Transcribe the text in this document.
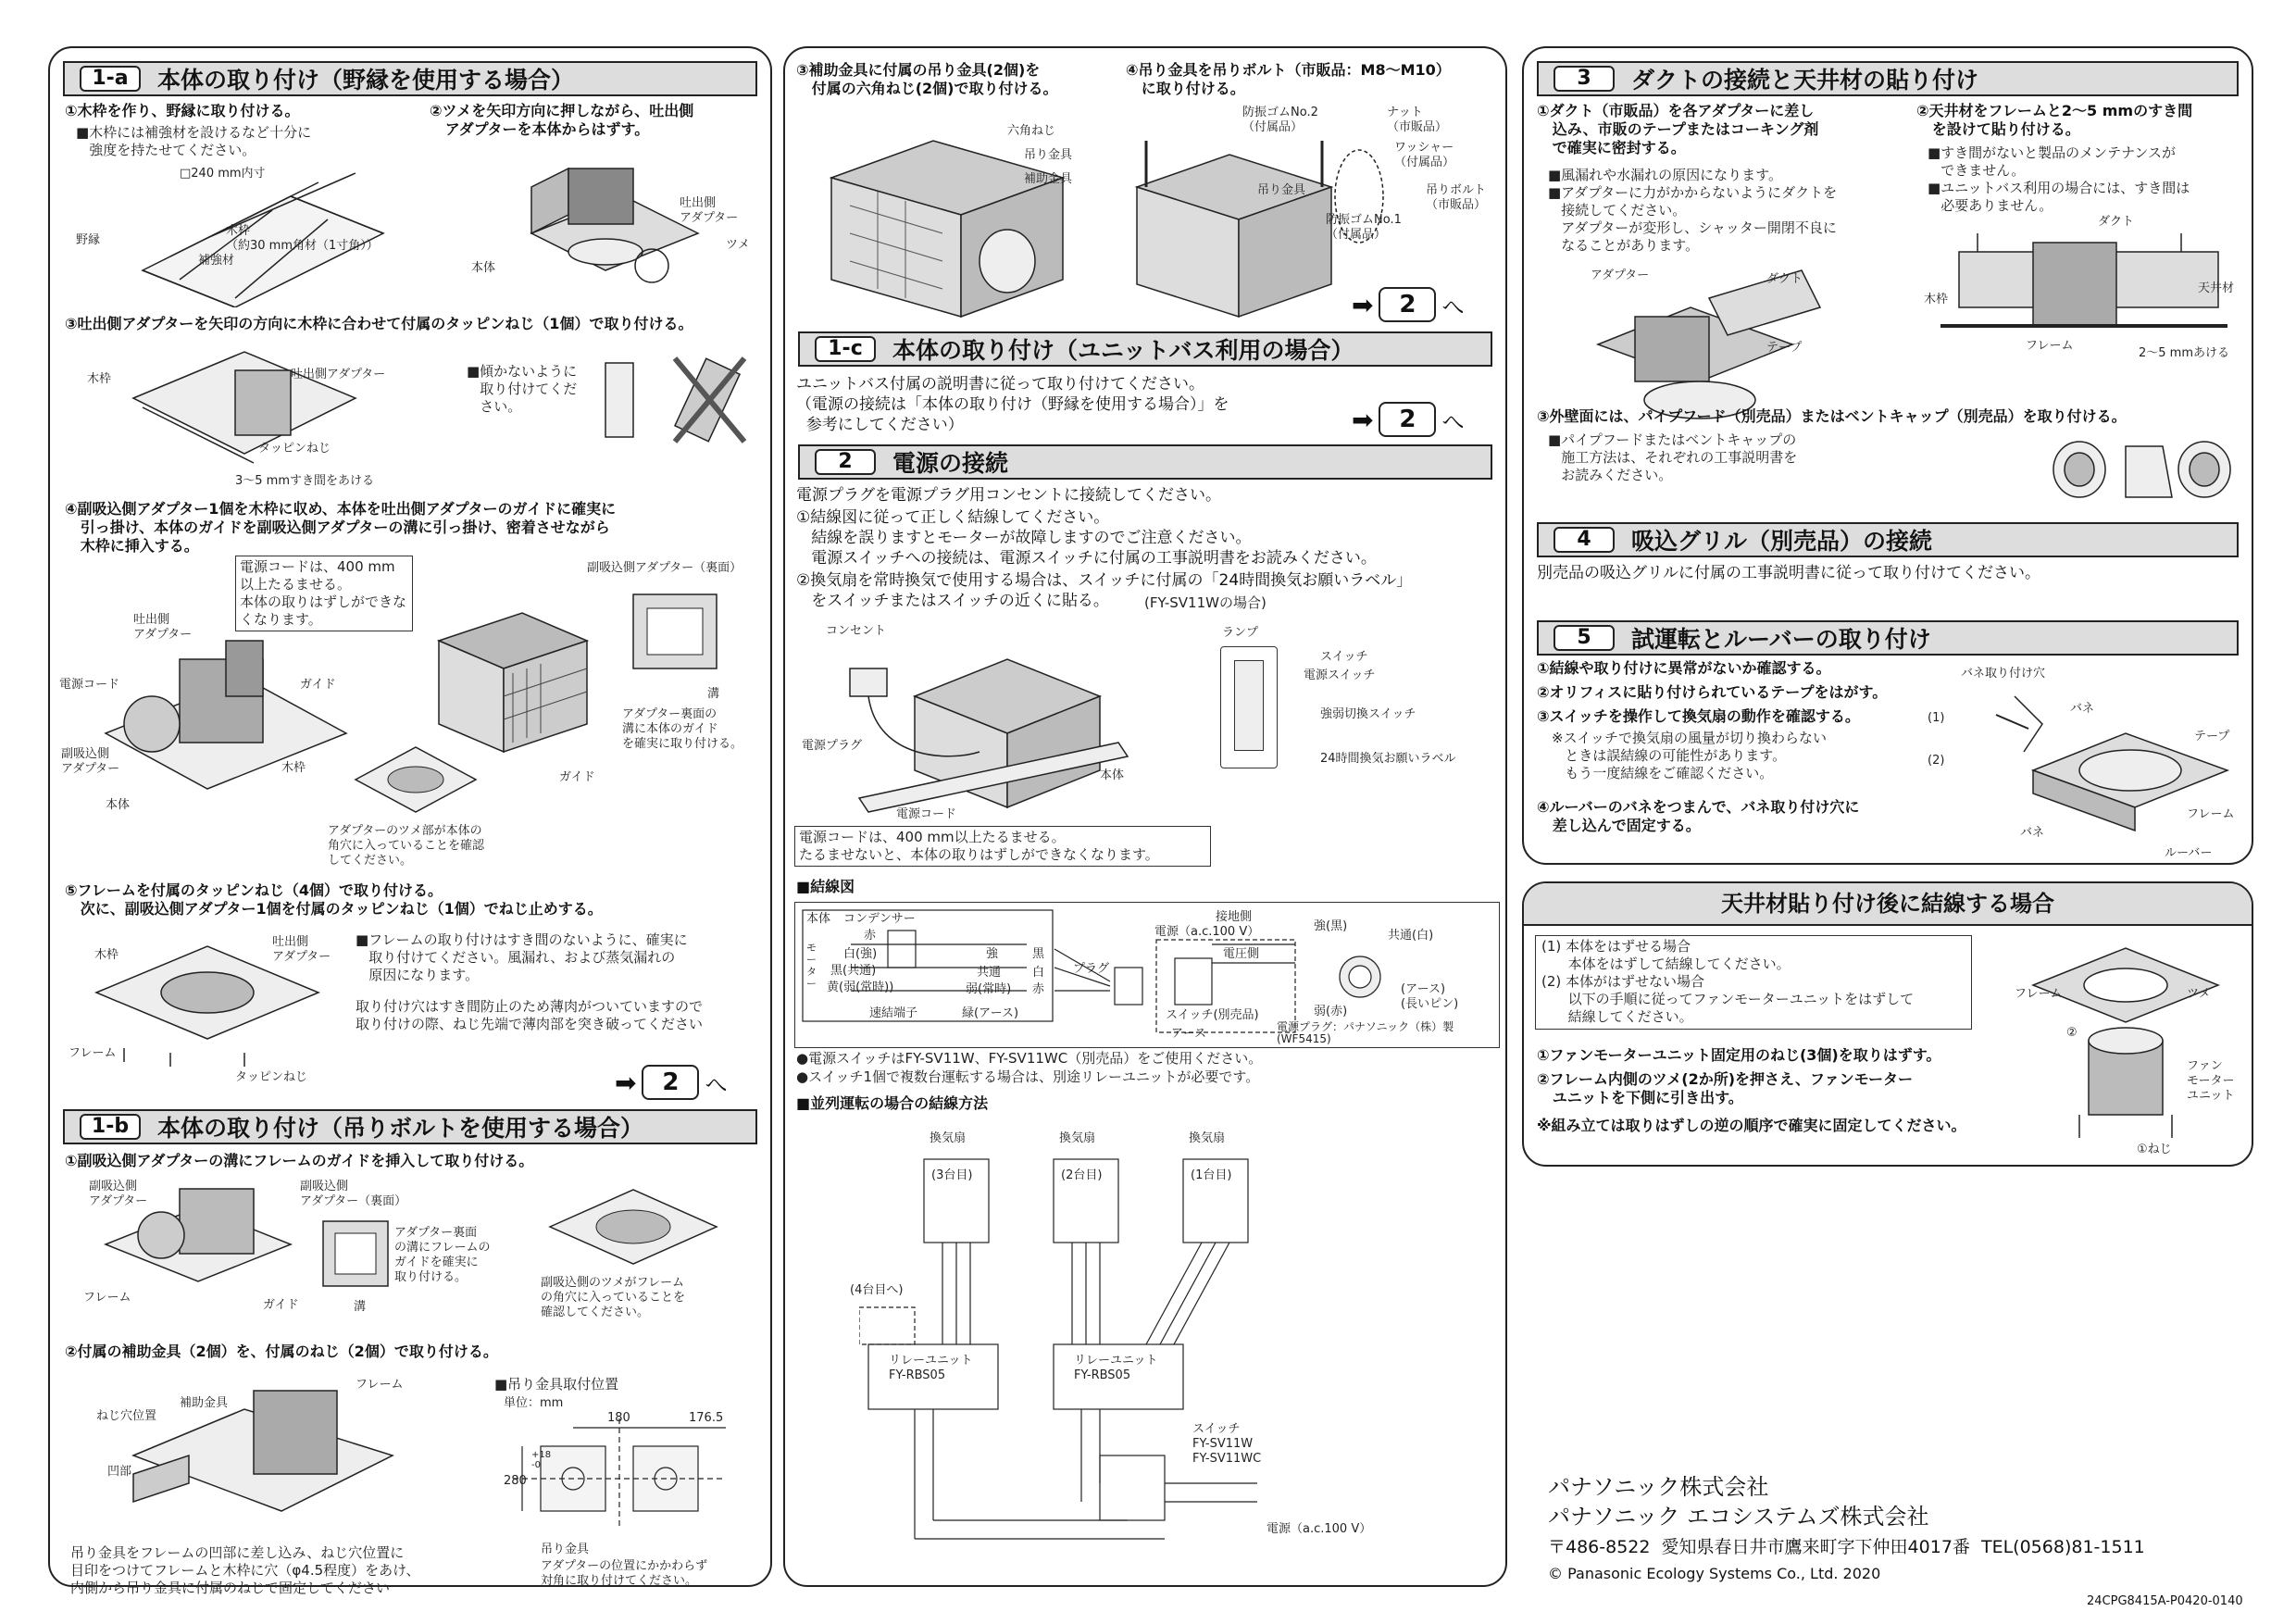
1-a	本体の取り付け（野縁を使用する場合）
①木枠を作り、野縁に取り付ける。
■木枠には補強材を設けるなど十分に
強度を持たせてください。
②ツメを矢印方向に押しながら、吐出側
アダプターを本体からはずす。
□240 mm内寸
木枠
（約30 mm角材（1寸角））
野縁
補強材
吐出側
アダプター
ツメ
本体
③吐出側アダプターを矢印の方向に木枠に合わせて付属のタッピンねじ（1個）で取り付ける。
木枠	吐出側アダプター
タッピンねじ
3～5 mmすき間をあける
■傾かないように
取り付けてくだ
さい。
④副吸込側アダプター1個を木枠に収め、本体を吐出側アダプターのガイドに確実に
引っ掛け、本体のガイドを副吸込側アダプターの溝に引っ掛け、密着させながら
木枠に挿入する。
電源コードは、400 mm
以上たるませる。
本体の取りはずしができな
くなります。
吐出側
アダプター
電源コード	ガイド
副吸込側
アダプター	木枠
本体
副吸込側アダプター（裏面）
溝
アダプター裏面の
溝に本体のガイド
を確実に取り付ける。
ガイド
アダプターのツメ部が本体の
角穴に入っていることを確認
してください。
⑤フレームを付属のタッピンねじ（4個）で取り付ける。
次に、副吸込側アダプター1個を付属のタッピンねじ（1個）でねじ止めする。
■フレームの取り付けはすき間のないように、確実に
取り付けてください。風漏れ、および蒸気漏れの
原因になります。
取り付け穴はすき間防止のため薄肉がついていますので
取り付けの際、ねじ先端で薄肉部を突き破ってください
木枠
吐出側
アダプター
フレーム
タッピンねじ	➡	2	へ
1-b	本体の取り付け（吊りボルトを使用する場合）
①副吸込側アダプターの溝にフレームのガイドを挿入して取り付ける。
副吸込側
アダプター
副吸込側
アダプター（裏面）
フレーム
ガイド	溝
アダプター裏面
の溝にフレームの
ガイドを確実に
取り付ける。	副吸込側のツメがフレーム
の角穴に入っていることを
確認してください。
②付属の補助金具（2個）を、付属のねじ（2個）で取り付ける。
補助金具
フレーム
ねじ穴位置
凹部
■吊り金具取付位置
単位：mm
180	176.5
280
+18
-0
吊り金具
アダプターの位置にかかわらず
対角に取り付けてください。
吊り金具をフレームの凹部に差し込み、ねじ穴位置に
目印をつけてフレームと木枠に穴（φ4.5程度）をあけ、
内側から吊り金具に付属のねじで固定してください
③補助金具に付属の吊り金具(2個)を
付属の六角ねじ(2個)で取り付ける。
六角ねじ
吊り金具
補助金具
④吊り金具を吊りボルト（市販品：M8～M10）
に取り付ける。
防振ゴムNo.2
（付属品）
ナット
（市販品）
ワッシャー
（付属品）
吊り金具	吊りボルト
（市販品）
防振ゴムNo.1
（付属品）
➡	2	へ
1-c	本体の取り付け（ユニットバス利用の場合）
ユニットバス付属の説明書に従って取り付けてください。
（電源の接続は「本体の取り付け（野縁を使用する場合）」を
参考にしてください）	➡	2	へ
2	電源の接続
電源プラグを電源プラグ用コンセントに接続してください。
①結線図に従って正しく結線してください。
結線を誤りますとモーターが故障しますのでご注意ください。
電源スイッチへの接続は、電源スイッチに付属の工事説明書をお読みください。
②換気扇を常時換気で使用する場合は、スイッチに付属の「24時間換気お願いラベル」
をスイッチまたはスイッチの近くに貼る。	(FY-SV11Wの場合)
コンセント
電源プラグ
本体
電源コード
ランプ
スイッチ
電源スイッチ
強弱切換スイッチ
24時間換気お願いラベル
電源コードは、400 mm以上たるませる。
たるませないと、本体の取りはずしができなくなります。
■結線図
本体 コンデンサー
赤
白(強)
黒(共通)
黄(弱(常時))
モ
ー
タ
ー
強
共通
弱(常時)
黒
白
赤
速結端子	緑(アース)
プラグ
電源（a.c.100 V）
接地側
電圧側
スイッチ(別売品)
アース
強(黒)
共通(白)
弱(赤)
(アース)
(長いピン)
電源プラグ：パナソニック（株）製
(WF5415)
●電源スイッチはFY-SV11W、FY-SV11WC（別売品）をご使用ください。
●スイッチ1個で複数台運転する場合は、別途リレーユニットが必要です。
■並列運転の場合の結線方法
換気扇
(3台目)
換気扇
(2台目)
換気扇
(1台目)
(4台目へ)
リレーユニット
FY-RBS05
リレーユニット
FY-RBS05
スイッチ
FY-SV11W
FY-SV11WC
電源（a.c.100 V）
3	ダクトの接続と天井材の貼り付け
①ダクト（市販品）を各アダプターに差し
込み、市販のテープまたはコーキング剤
で確実に密封する。
■風漏れや水漏れの原因になります。
■アダプターに力がかからないようにダクトを
接続してください。
アダプターが変形し、シャッター開閉不良に
なることがあります。
アダプター	ダクト
テープ
②天井材をフレームと2～5 mmのすき間
を設けて貼り付ける。
■すき間がないと製品のメンテナンスが
できません。
■ユニットバス利用の場合には、すき間は
必要ありません。
ダクト
木枠
天井材
フレーム
2～5 mmあける
③外壁面には、パイプフード（別売品）またはベントキャップ（別売品）を取り付ける。
■パイプフードまたはベントキャップの
施工方法は、それぞれの工事説明書を
お読みください。
4	吸込グリル（別売品）の接続
別売品の吸込グリルに付属の工事説明書に従って取り付けてください。
5	試運転とルーバーの取り付け
①結線や取り付けに異常がないか確認する。
②オリフィスに貼り付けられているテープをはがす。
③スイッチを操作して換気扇の動作を確認する。
※スイッチで換気扇の風量が切り換わらない
ときは誤結線の可能性があります。
もう一度結線をご確認ください。
④ルーバーのバネをつまんで、バネ取り付け穴に
差し込んで固定する。
バネ取り付け穴
バネ
(1)
(2)
テープ
フレーム
バネ
ルーバー
天井材貼り付け後に結線する場合
(1) 本体をはずせる場合
本体をはずして結線してください。
(2) 本体がはずせない場合
以下の手順に従ってファンモーターユニットをはずして
結線してください。
①ファンモーターユニット固定用のねじ(3個)を取りはずす。
②フレーム内側のツメ(2か所)を押さえ、ファンモーター
ユニットを下側に引き出す。
※組み立ては取りはずしの逆の順序で確実に固定してください。
フレーム	ツメ
②
ファン
モーター
ユニット
①ねじ
パナソニック株式会社
パナソニック エコシステムズ株式会社
〒486-8522  愛知県春日井市鷹来町字下仲田4017番  TEL(0568)81-1511
© Panasonic Ecology Systems Co., Ltd. 2020
24CPG8415A-P0420-0140
